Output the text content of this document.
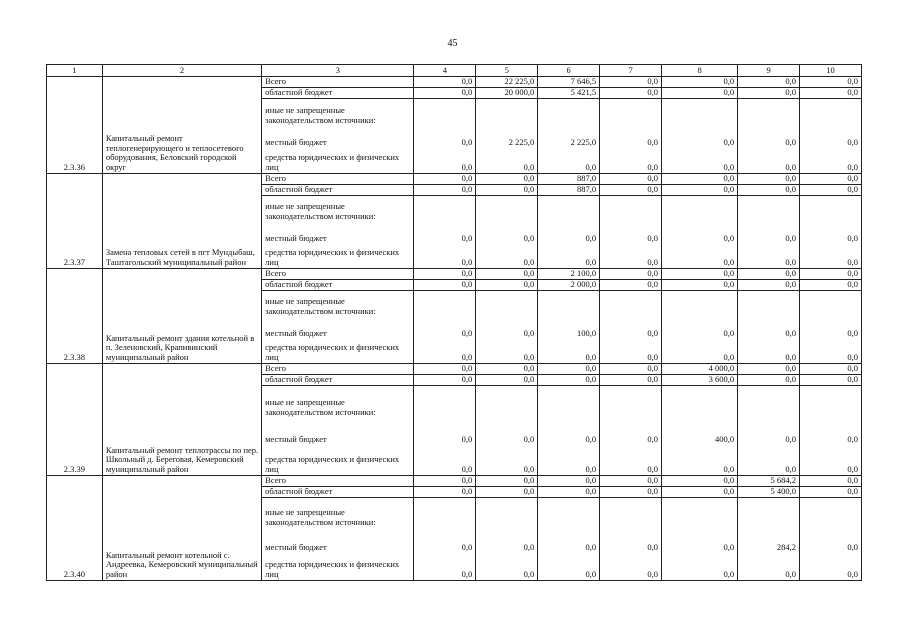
45
1	2	3	4	5	6	7	8	9	10
2.3.36	Капитальный ремонт теплогенерирующего и теплосетевого оборудования, Беловский городской округ	Всего	0,0	22 225,0	7 646,5	0,0	0,0	0,0	0,0
		областной бюджет	0,0	20 000,0	5 421,5	0,0	0,0	0,0	0,0
		иные не запрещенные законодательством источники:							
		местный бюджет	0,0	2 225,0	2 225,0	0,0	0,0	0,0	0,0
		средства юридических и физических лиц	0,0	0,0	0,0	0,0	0,0	0,0	0,0
2.3.37	Замена тепловых сетей в пгт Мундыбаш, Таштагольский муниципальный район	Всего	0,0	0,0	887,0	0,0	0,0	0,0	0,0
		областной бюджет	0,0	0,0	887,0	0,0	0,0	0,0	0,0
		иные не запрещенные законодательством источники:							
		местный бюджет	0,0	0,0	0,0	0,0	0,0	0,0	0,0
		средства юридических и физических лиц	0,0	0,0	0,0	0,0	0,0	0,0	0,0
2.3.38	Капитальный ремонт здания котельной в п. Зеленовский, Крапивинский муниципальный район	Всего	0,0	0,0	2 100,0	0,0	0,0	0,0	0,0
		областной бюджет	0,0	0,0	2 000,0	0,0	0,0	0,0	0,0
		иные не запрещенные законодательством источники:							
		местный бюджет	0,0	0,0	100,0	0,0	0,0	0,0	0,0
		средства юридических и физических лиц	0,0	0,0	0,0	0,0	0,0	0,0	0,0
2.3.39	Капитальный ремонт теплотрассы по пер. Школьный д. Береговая, Кемеровский муниципальный район	Всего	0,0	0,0	0,0	0,0	4 000,0	0,0	0,0
		областной бюджет	0,0	0,0	0,0	0,0	3 600,0	0,0	0,0
		иные не запрещенные законодательством источники:							
		местный бюджет	0,0	0,0	0,0	0,0	400,0	0,0	0,0
		средства юридических и физических лиц	0,0	0,0	0,0	0,0	0,0	0,0	0,0
2.3.40	Капитальный ремонт котельной с. Андреевка, Кемеровский муниципальный район	Всего	0,0	0,0	0,0	0,0	0,0	5 684,2	0,0
		областной бюджет	0,0	0,0	0,0	0,0	0,0	5 400,0	0,0
		иные не запрещенные законодательством источники:							
		местный бюджет	0,0	0,0	0,0	0,0	0,0	284,2	0,0
		средства юридических и физических лиц	0,0	0,0	0,0	0,0	0,0	0,0	0,0
